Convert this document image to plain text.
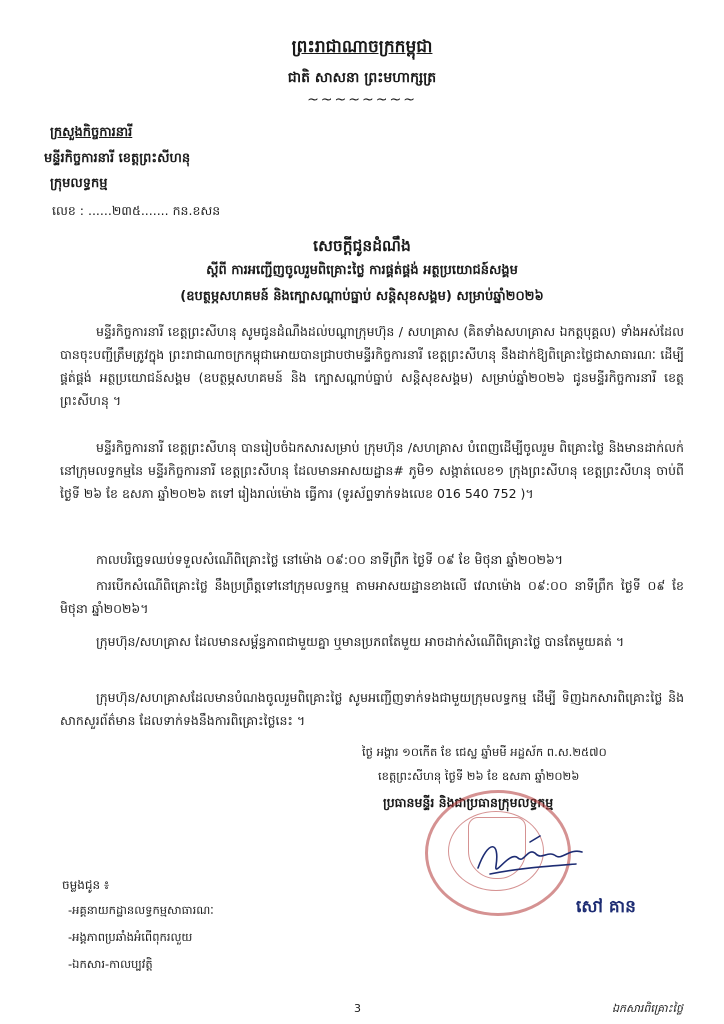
ព្រះរាជាណាចក្រកម្ពុជា
ជាតិ សាសនា ព្រះមហាក្សត្រ
~~~~~~~~
ក្រសួងកិច្ចការនារី
មន្ទីរកិច្ចការនារី ខេត្តព្រះសីហនុ
ក្រុមលទ្ធកម្ម
លេខ : ......២៣៥....... កន.ខសន
សេចក្តីជូនដំណឹង
ស្តីពី ការអញ្ជើញចូលរួមពិគ្រោះថ្លៃ ការផ្គត់ផ្គង់ អត្ថប្រយោជន៍សង្គម
(ឧបត្ថម្ភសហគមន៍ និងក្បោសណ្តាប់ធ្នាប់ សន្តិសុខសង្គម) សម្រាប់ឆ្នាំ២០២៦
មន្ទីរកិច្ចការនារី ខេត្តព្រះសីហនុ សូមជូនដំណឹងដល់បណ្តាក្រុមហ៊ុន / សហគ្រាស (គិតទាំងសហគ្រាស ឯកត្តបុគ្គល) ទាំងអស់ដែលបានចុះបញ្ជីត្រឹមត្រូវក្នុង ព្រះរាជាណាចក្រកម្ពុជាអោយបានជ្រាបថាមន្ទីរកិច្ចការនារី ខេត្តព្រះសីហនុ នឹងដាក់ឱ្យពិគ្រោះថ្លៃជាសាធារណៈ ដើម្បីផ្គត់ផ្គង់ អត្ថប្រយោជន៍សង្គម (ឧបត្ថម្ភសហគមន៍ និង ក្បោសណ្តាប់ធ្នាប់ សន្តិសុខសង្គម) សម្រាប់ឆ្នាំ២០២៦ ជូនមន្ទីរកិច្ចការនារី ខេត្តព្រះសីហនុ ។
មន្ទីរកិច្ចការនារី ខេត្តព្រះសីហនុ បានរៀបចំឯកសារសម្រាប់ ក្រុមហ៊ុន /សហគ្រាស បំពេញដើម្បីចូលរួម ពិគ្រោះថ្លៃ និងមានដាក់លក់នៅក្រុមលទ្ធកម្មនៃ មន្ទីរកិច្ចការនារី ខេត្តព្រះសីហនុ ដែលមានអាសយដ្ឋាន# ភូមិ១ សង្កាត់លេខ១ ក្រុងព្រះសីហនុ ខេត្តព្រះសីហនុ ចាប់ពីថ្ងៃទី ២៦ ខែ ឧសភា ឆ្នាំ២០២៦ តទៅ រៀងរាល់ម៉ោង ធ្វើការ (ទូរស័ព្ទទាក់ទងលេខ 016 540 752 )។
កាលបរិច្ឆេទឈប់ទទួលសំណើពិគ្រោះថ្លៃ នៅម៉ោង ០៩:០០ នាទីព្រឹក ថ្ងៃទី ០៩ ខែ មិថុនា ឆ្នាំ២០២៦។
ការបើកសំណើពិគ្រោះថ្លៃ នឹងប្រព្រឹត្តទៅនៅក្រុមលទ្ធកម្ម តាមអាសយដ្ឋានខាងលើ វេលាម៉ោង ០៩:០០ នាទីព្រឹក ថ្ងៃទី ០៩ ខែ មិថុនា ឆ្នាំ២០២៦។
ក្រុមហ៊ុន/សហគ្រាស ដែលមានសម្ព័ន្ធភាពជាមួយគ្នា ឬមានប្រភពតែមួយ អាចដាក់សំណើពិគ្រោះថ្លៃ បានតែមួយគត់ ។
ក្រុមហ៊ុន/សហគ្រាសដែលមានបំណងចូលរួមពិគ្រោះថ្លៃ សូមអញ្ជើញទាក់ទងជាមួយក្រុមលទ្ធកម្ម ដើម្បី ទិញឯកសារពិគ្រោះថ្លៃ និងសាកសួរព័ត៌មាន ដែលទាក់ទងនឹងការពិគ្រោះថ្លៃនេះ ។
ថ្ងៃ អង្គារ ១០កើត ខែ ជេស្ឋ ឆ្នាំមមី អដ្ឋស័ក ព.ស.២៥៧០
ខេត្តព្រះសីហនុ ថ្ងៃទី ២៦ ខែ ឧសភា ឆ្នាំ២០២៦
ប្រធានមន្ទីរ និងជាប្រធានក្រុមលទ្ធកម្ម
សៅ គាន
ចម្លងជូន ៖
-អគ្គនាយកដ្ឋានលទ្ធកម្មសាធារណៈ
-អង្គភាពប្រឆាំងអំពើពុករលួយ
-ឯកសារ-កាលប្បវត្តិ
3	ឯកសារពិគ្រោះថ្លៃ
